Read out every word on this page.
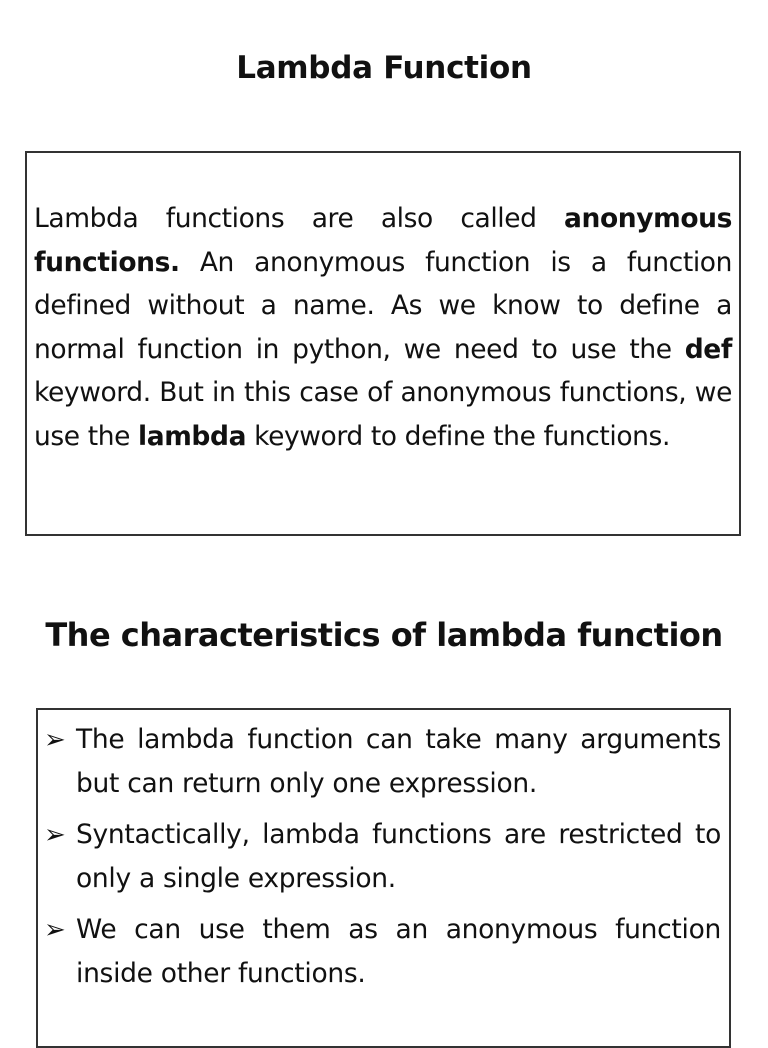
Lambda Function

Lambda functions are also called anonymous functions. An anonymous function is a function defined without a name. As we know to define a normal function in python, we need to use the def keyword. But in this case of anonymous functions, we use the lambda keyword to define the functions.

The characteristics of lambda function
➢ The lambda function can take many arguments but can return only one expression.
➢ Syntactically, lambda functions are restricted to only a single expression.
➢ We can use them as an anonymous function inside other functions.
